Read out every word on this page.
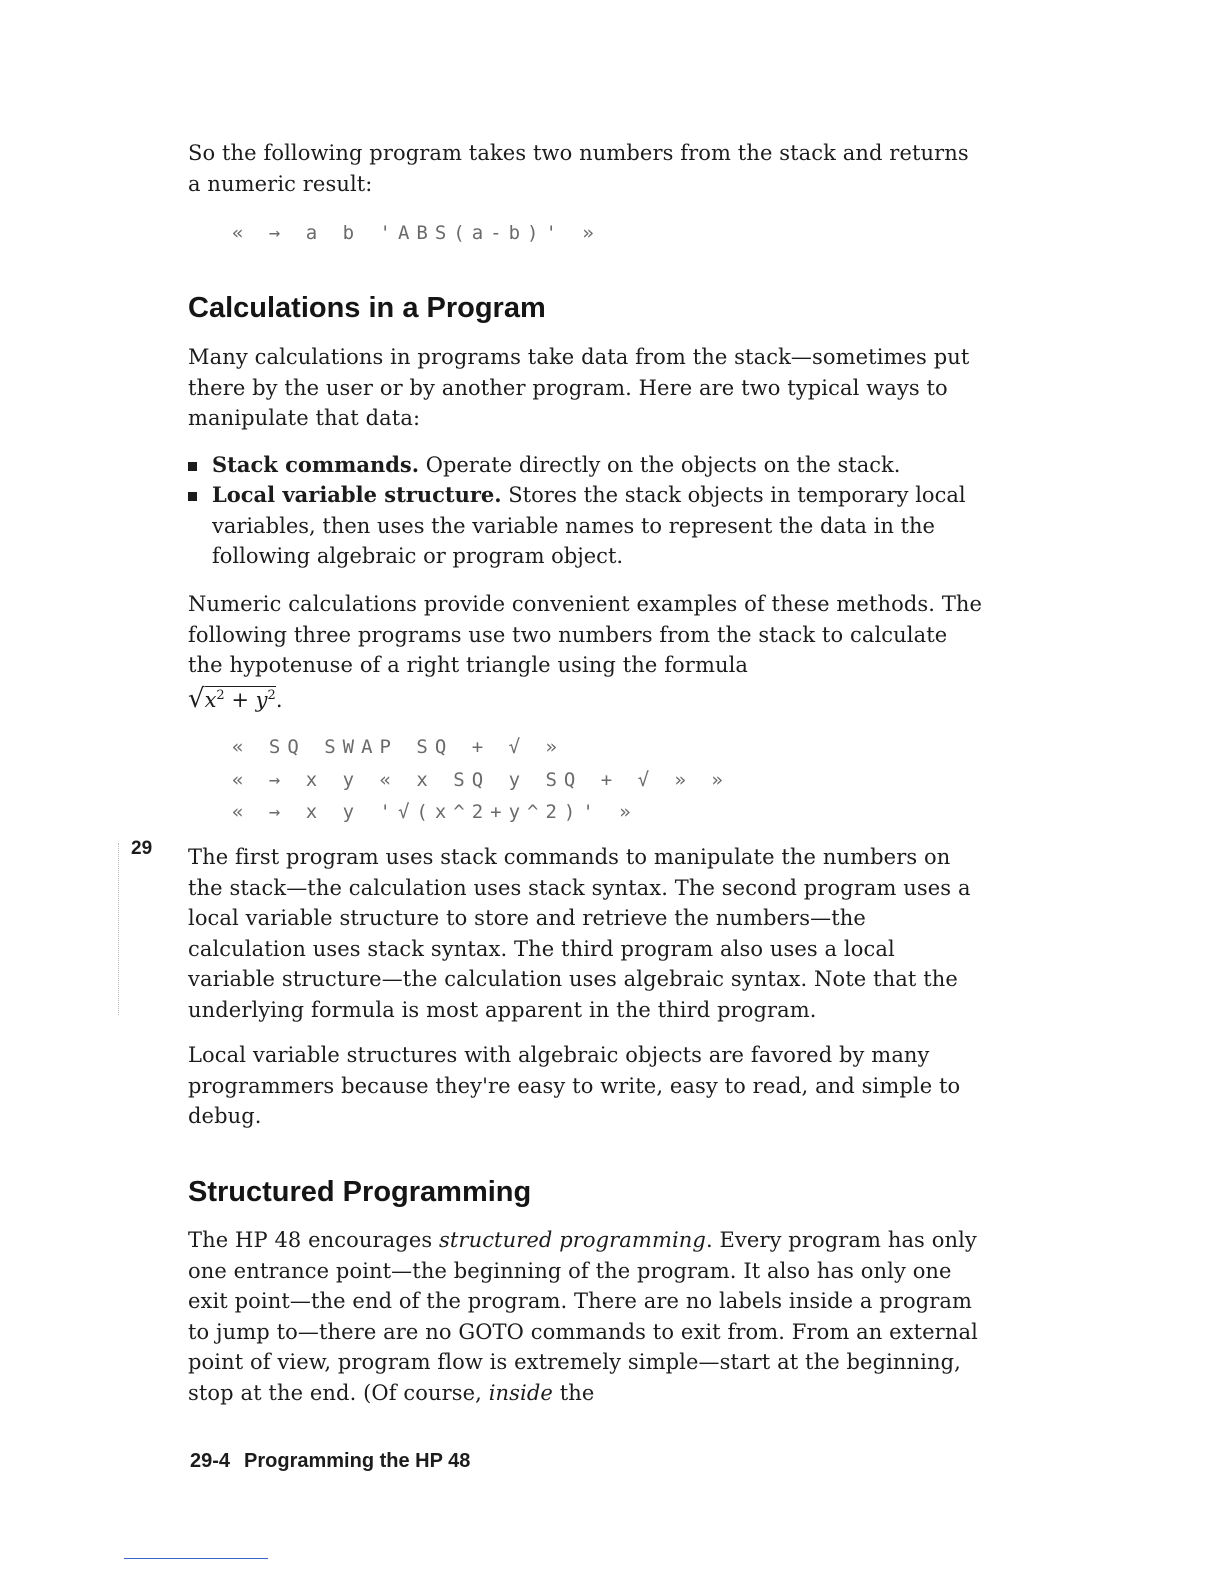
So the following program takes two numbers from the stack and returns a numeric result:
« → a b 'ABS(a-b)' »
Calculations in a Program
Many calculations in programs take data from the stack—sometimes put there by the user or by another program. Here are two typical ways to manipulate that data:
Stack commands. Operate directly on the objects on the stack.
Local variable structure. Stores the stack objects in temporary local variables, then uses the variable names to represent the data in the following algebraic or program object.
Numeric calculations provide convenient examples of these methods. The following three programs use two numbers from the stack to calculate the hypotenuse of a right triangle using the formula
$√x^2 + y^2$.
« SQ SWAP SQ + √ »
« → x y « x SQ y SQ + √ » »
« → x y '√(x^2+y^2)' »
29 The first program uses stack commands to manipulate the numbers on the stack—the calculation uses stack syntax. The second program uses a local variable structure to store and retrieve the numbers—the calculation uses stack syntax. The third program also uses a local variable structure—the calculation uses algebraic syntax. Note that the underlying formula is most apparent in the third program.
Local variable structures with algebraic objects are favored by many programmers because they're easy to write, easy to read, and simple to debug.
Structured Programming
The HP 48 encourages structured programming. Every program has only one entrance point—the beginning of the program. It also has only one exit point—the end of the program. There are no labels inside a program to jump to—there are no GOTO commands to exit from. From an external point of view, program flow is extremely simple—start at the beginning, stop at the end. (Of course, inside the
29-4 Programming the HP 48
